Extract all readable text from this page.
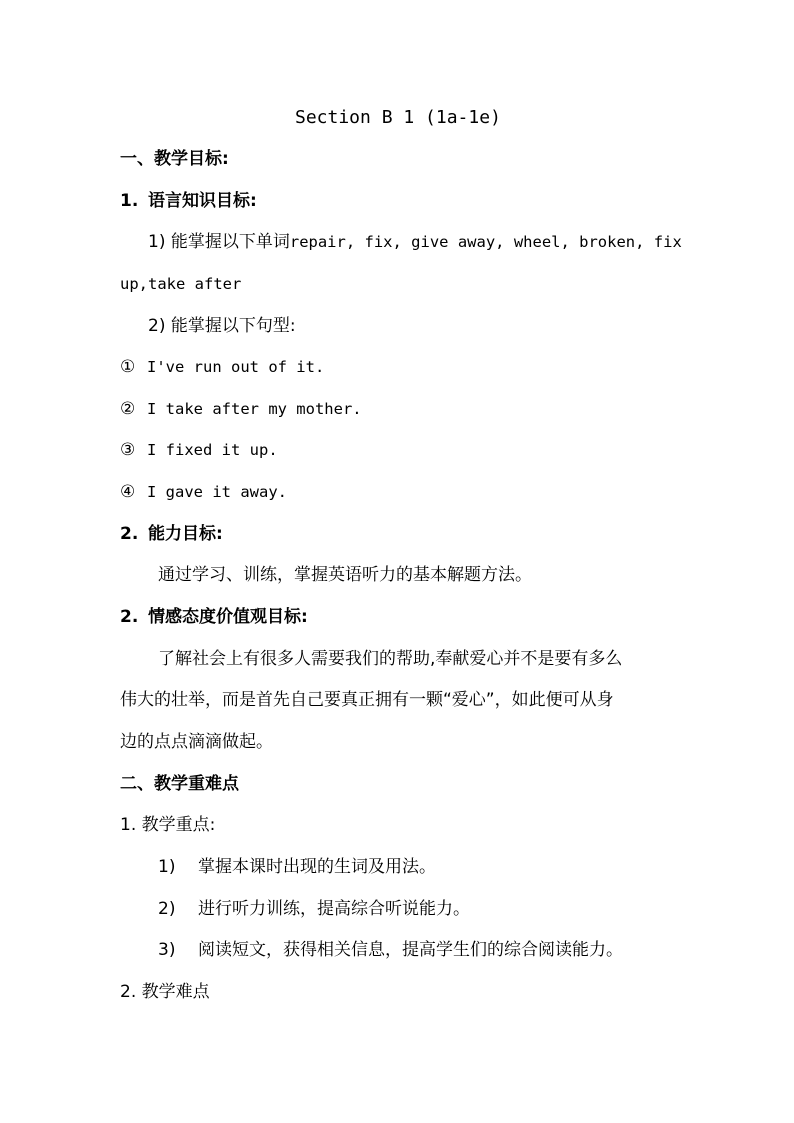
Section B 1 (1a-1e)
一、教学目标:
1. 语言知识目标:
1) 能掌握以下单词repair, fix, give away, wheel, broken, fix
up,take after
2) 能掌握以下句型:
① I've run out of it.
② I take after my mother.
③ I fixed it up.
④ I gave it away.
2. 能力目标:
通过学习、训练，掌握英语听力的基本解题方法。
2. 情感态度价值观目标:
了解社会上有很多人需要我们的帮助,奉献爱心并不是要有多么
伟大的壮举，而是首先自己要真正拥有一颗“爱心”，如此便可从身
边的点点滴滴做起。
二、教学重难点
1. 教学重点:
1) 掌握本课时出现的生词及用法。
2) 进行听力训练，提高综合听说能力。
3) 阅读短文，获得相关信息，提高学生们的综合阅读能力。
2. 教学难点
